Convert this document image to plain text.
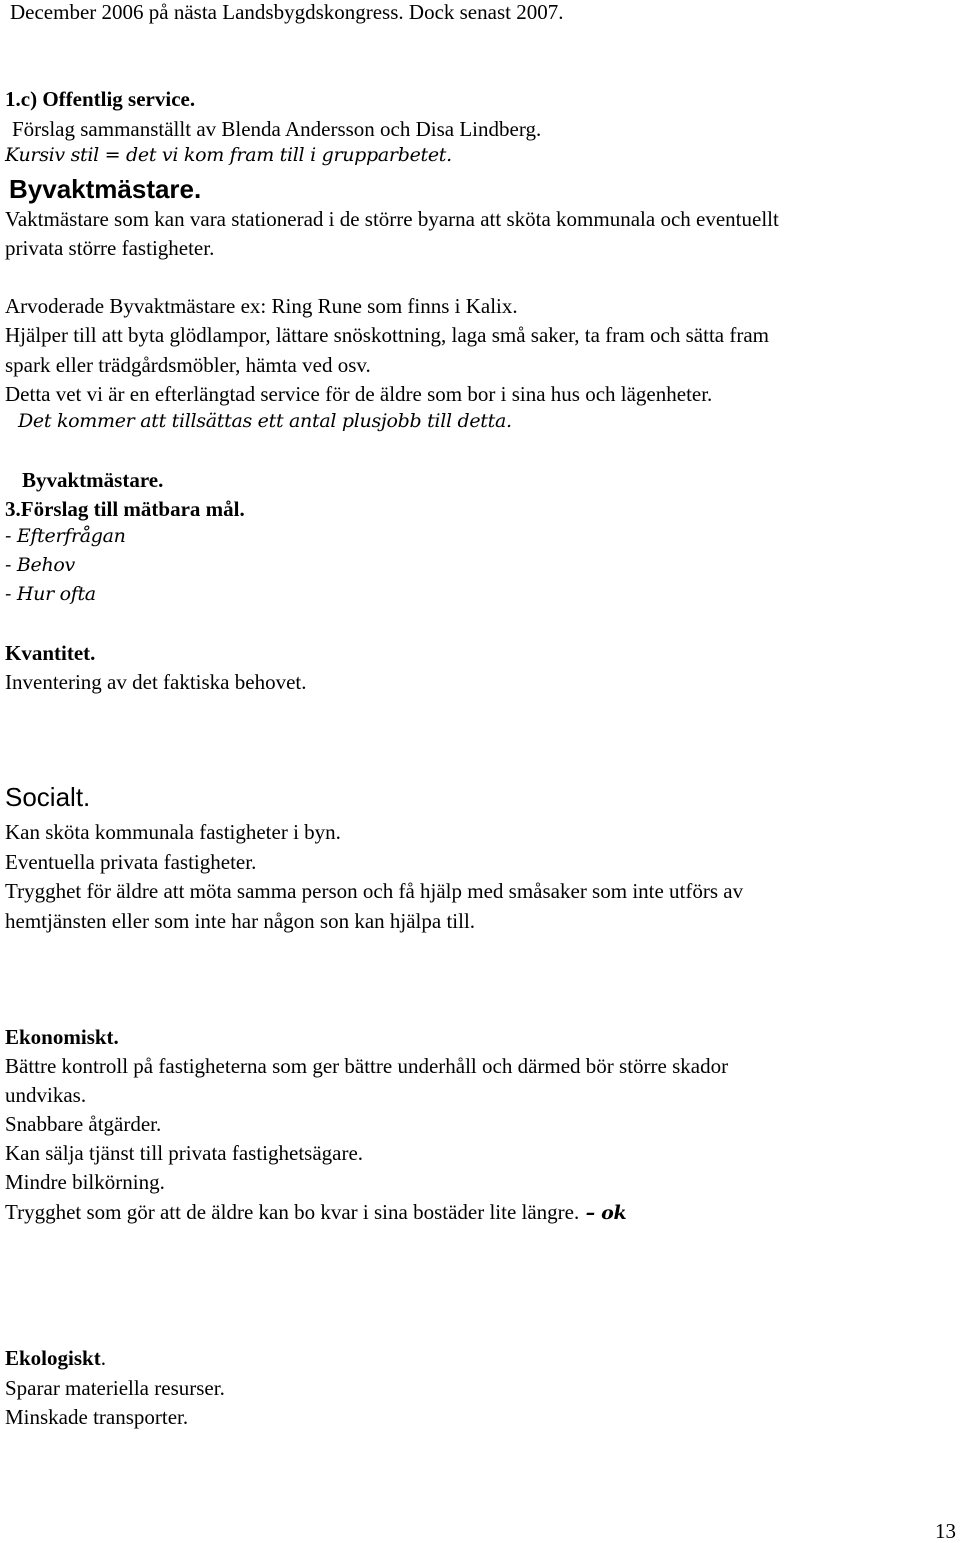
December 2006 på nästa Landsbygdskongress. Dock senast 2007.
1.c) Offentlig service.
Förslag sammanställt av Blenda Andersson och Disa Lindberg.
Kursiv stil = det vi kom fram till i grupparbetet.
Byvaktmästare.
Vaktmästare som kan vara stationerad i de större byarna att sköta kommunala och eventuellt
privata större fastigheter.
Arvoderade Byvaktmästare ex: Ring Rune som finns i Kalix.
Hjälper till att byta glödlampor, lättare snöskottning, laga små saker, ta fram och sätta fram
spark eller trädgårdsmöbler, hämta ved osv.
Detta vet vi är en efterlängtad service för de äldre som bor i sina hus och lägenheter.
Det kommer att tillsättas ett antal plusjobb till detta.
Byvaktmästare.
3.Förslag till mätbara mål.
- Efterfrågan
- Behov
- Hur ofta
Kvantitet.
Inventering av det faktiska behovet.
Socialt.
Kan sköta kommunala fastigheter i byn.
Eventuella privata fastigheter.
Trygghet för äldre att möta samma person och få hjälp med småsaker som inte utförs av
hemtjänsten eller som inte har någon son kan hjälpa till.
Ekonomiskt.
Bättre kontroll på fastigheterna som ger bättre underhåll och därmed bör större skador
undvikas.
Snabbare åtgärder.
Kan sälja tjänst till privata fastighetsägare.
Mindre bilkörning.
Trygghet som gör att de äldre kan bo kvar i sina bostäder lite längre. – ok
Ekologiskt.
Sparar materiella resurser.
Minskade transporter.
13
